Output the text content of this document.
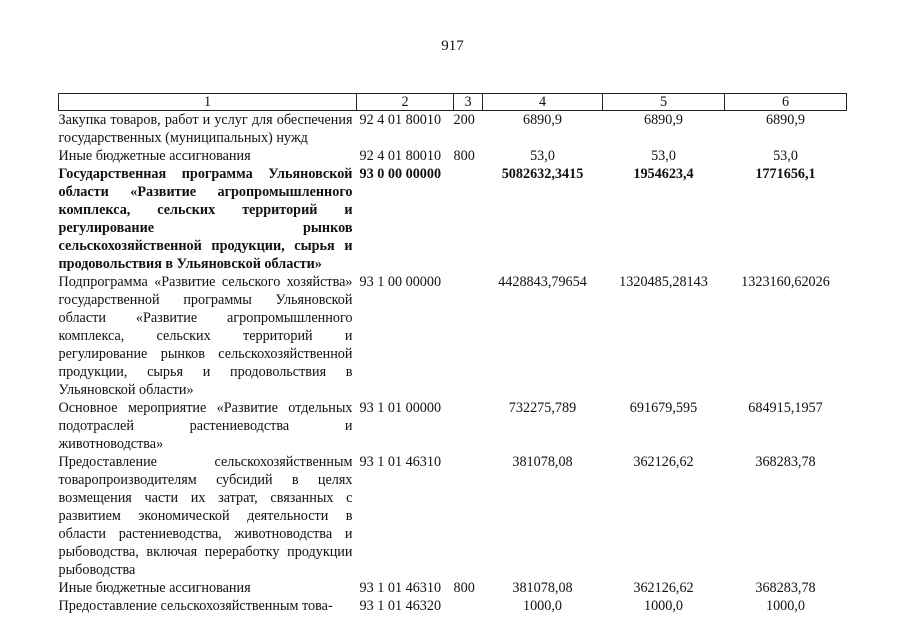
917
1	2	3	4	5	6
Закупка товаров, работ и услуг для обеспечения государственных (муниципальных) нужд	92 4 01 80010	200	6890,9	6890,9	6890,9
Иные бюджетные ассигнования	92 4 01 80010	800	53,0	53,0	53,0
Государственная программа Ульяновской области «Развитие агропромышленного комплекса, сельских территорий и регулирование рынков сельскохозяйственной продукции, сырья и продовольствия в Ульяновской области»	93 0 00 00000		5082632,3415	1954623,4	1771656,1
Подпрограмма «Развитие сельского хозяйства» государственной программы Ульяновской области «Развитие агропромышленного комплекса, сельских территорий и регулирование рынков сельскохозяйственной продукции, сырья и продовольствия в Ульяновской области»	93 1 00 00000		4428843,79654	1320485,28143	1323160,62026
Основное мероприятие «Развитие отдельных подотраслей растениеводства и животноводства»	93 1 01 00000		732275,789	691679,595	684915,1957
Предоставление сельскохозяйственным товаропроизводителям субсидий в целях возмещения части их затрат, связанных с развитием экономической деятельности в области растениеводства, животноводства и рыбоводства, включая переработку продукции рыбоводства	93 1 01 46310		381078,08	362126,62	368283,78
Иные бюджетные ассигнования	93 1 01 46310	800	381078,08	362126,62	368283,78
Предоставление сельскохозяйственным това-	93 1 01 46320		1000,0	1000,0	1000,0
